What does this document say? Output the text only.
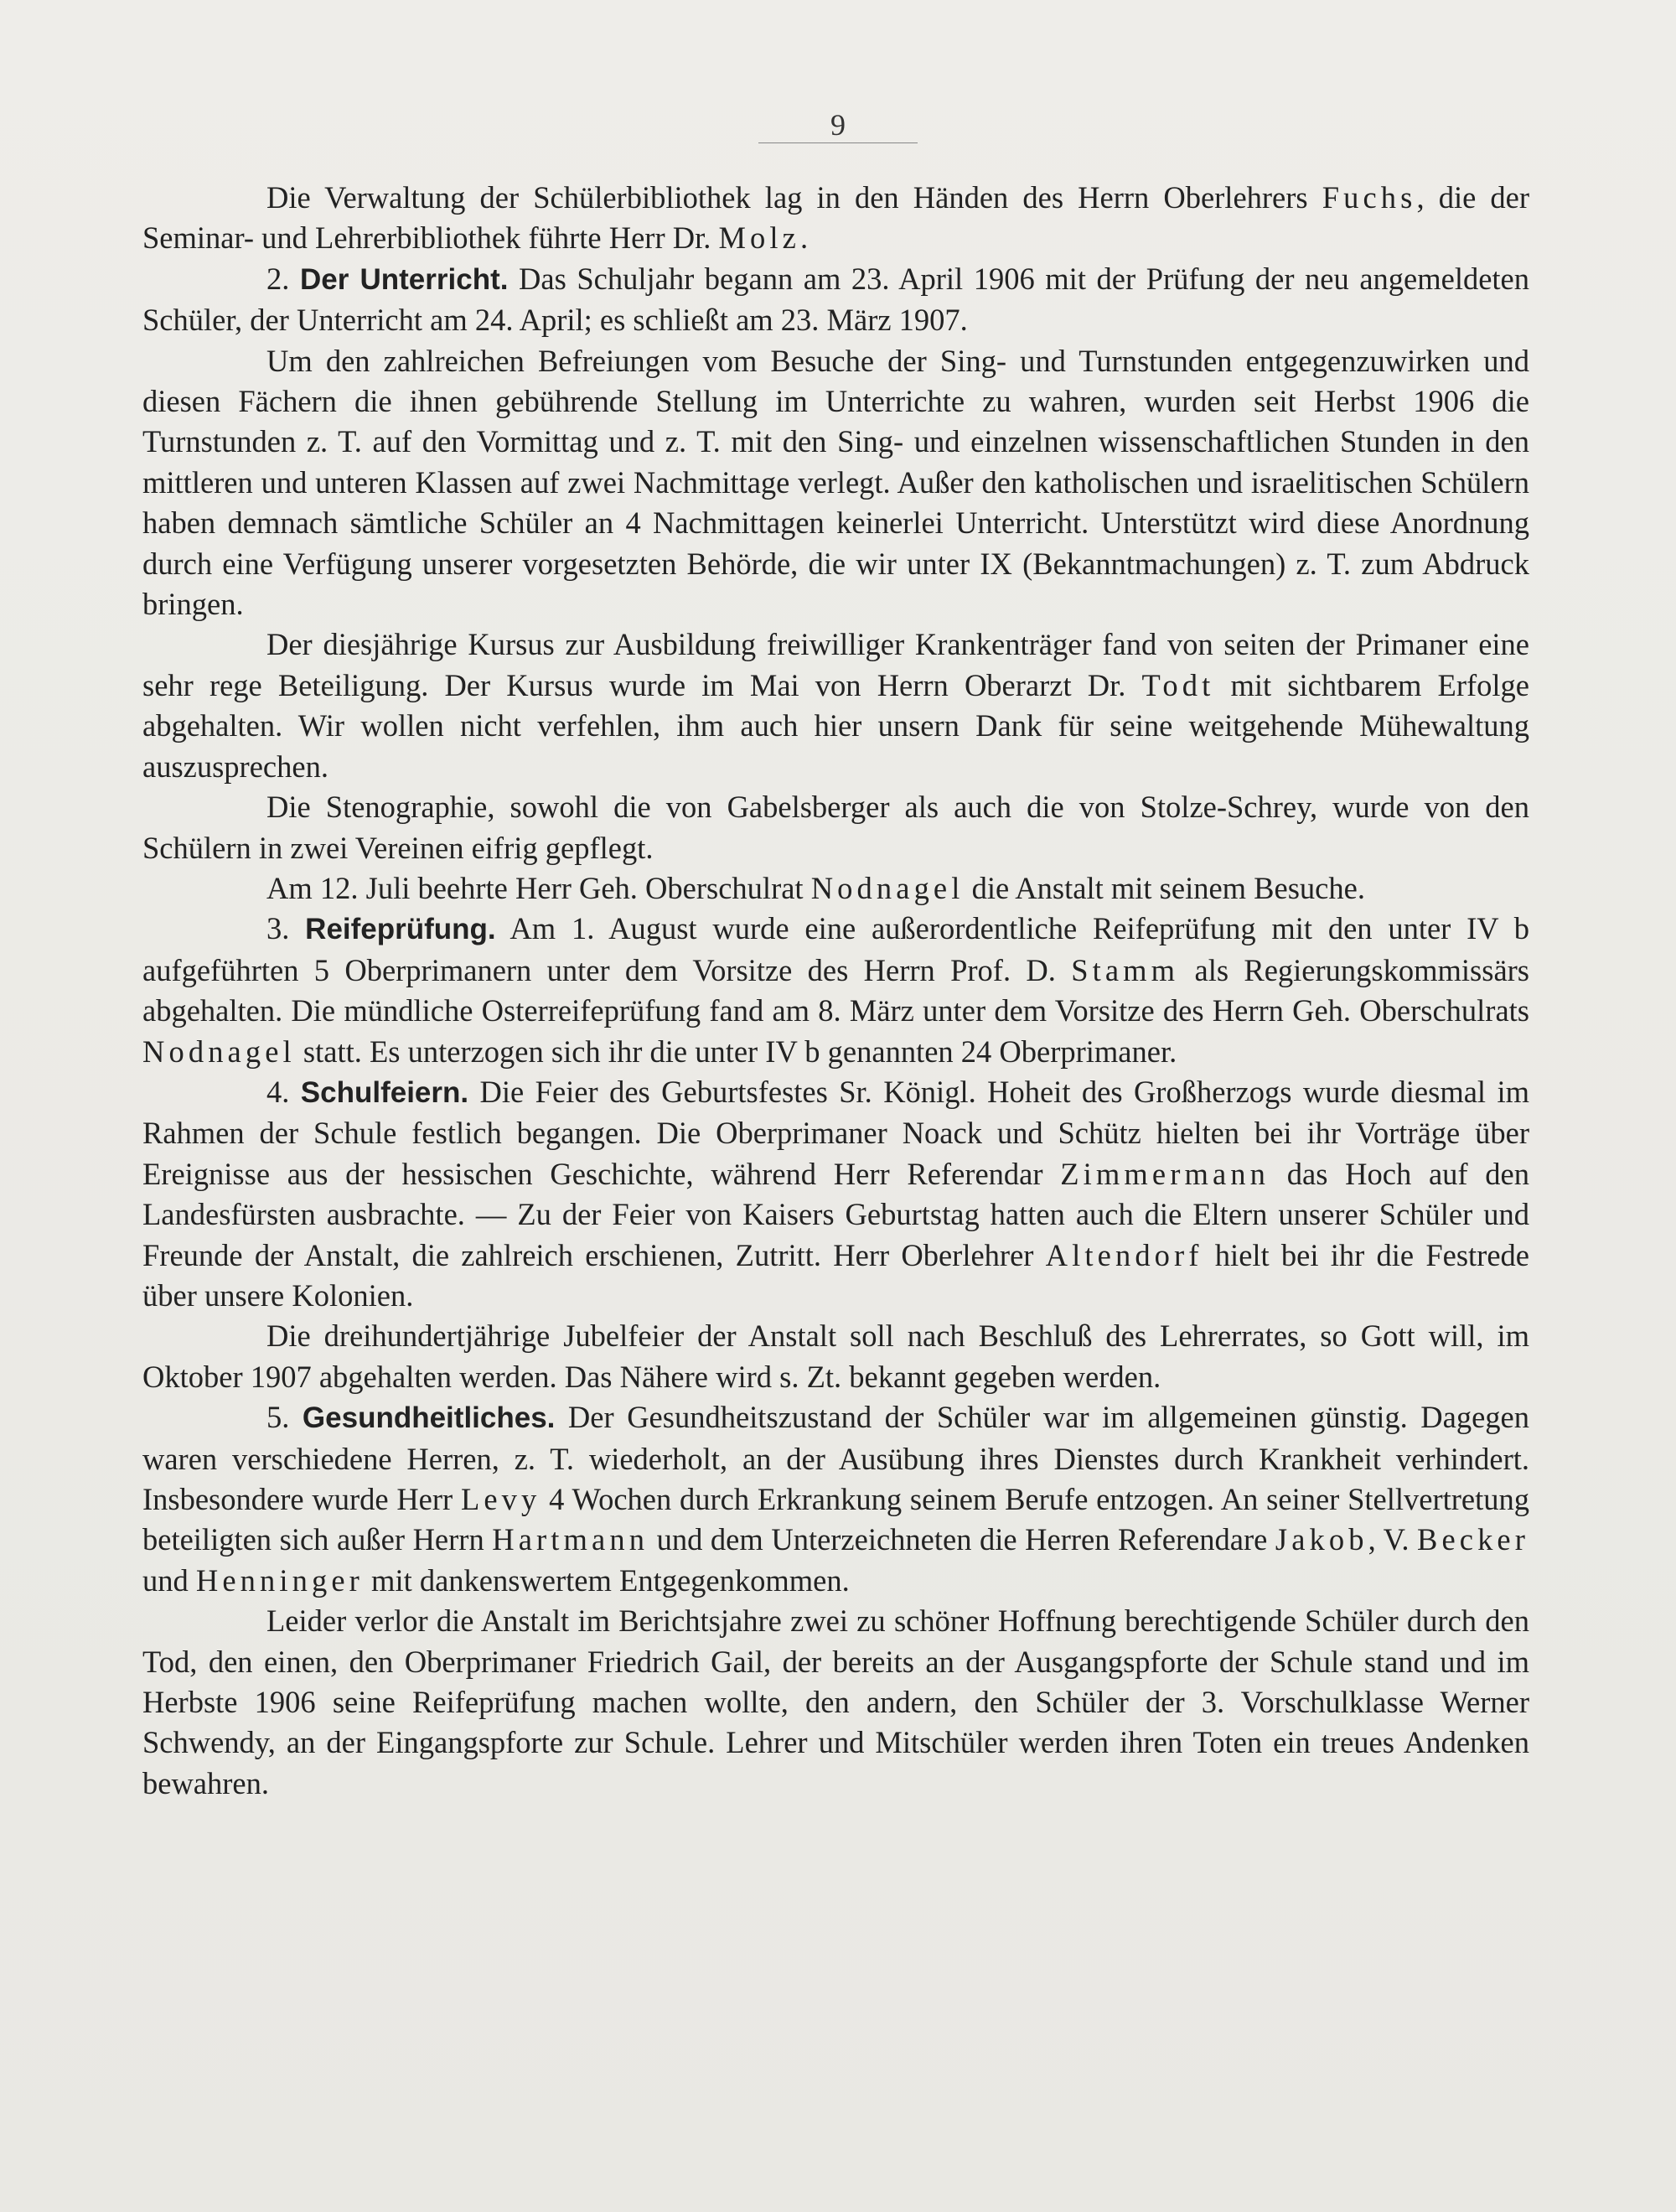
9

Die Verwaltung der Schülerbibliothek lag in den Händen des Herrn Oberlehrers Fuchs, die der Seminar- und Lehrerbibliothek führte Herr Dr. Molz.

2. Der Unterricht. Das Schuljahr begann am 23. April 1906 mit der Prüfung der neu angemeldeten Schüler, der Unterricht am 24. April; es schließt am 23. März 1907.

Um den zahlreichen Befreiungen vom Besuche der Sing- und Turnstunden entgegenzuwirken und diesen Fächern die ihnen gebührende Stellung im Unterrichte zu wahren, wurden seit Herbst 1906 die Turnstunden z. T. auf den Vormittag und z. T. mit den Sing- und einzelnen wissenschaftlichen Stunden in den mittleren und unteren Klassen auf zwei Nachmittage verlegt. Außer den katholischen und israelitischen Schülern haben demnach sämtliche Schüler an 4 Nachmittagen keinerlei Unterricht. Unterstützt wird diese Anordnung durch eine Verfügung unserer vorgesetzten Behörde, die wir unter IX (Bekanntmachungen) z. T. zum Abdruck bringen.

Der diesjährige Kursus zur Ausbildung freiwilliger Krankenträger fand von seiten der Primaner eine sehr rege Beteiligung. Der Kursus wurde im Mai von Herrn Oberarzt Dr. Todt mit sichtbarem Erfolge abgehalten. Wir wollen nicht verfehlen, ihm auch hier unsern Dank für seine weitgehende Mühewaltung auszusprechen.

Die Stenographie, sowohl die von Gabelsberger als auch die von Stolze-Schrey, wurde von den Schülern in zwei Vereinen eifrig gepflegt.

Am 12. Juli beehrte Herr Geh. Oberschulrat Nodnagel die Anstalt mit seinem Besuche.

3. Reifeprüfung. Am 1. August wurde eine außerordentliche Reifeprüfung mit den unter IV b aufgeführten 5 Oberprimanern unter dem Vorsitze des Herrn Prof. D. Stamm als Regierungskommissärs abgehalten. Die mündliche Osterreifeprüfung fand am 8. März unter dem Vorsitze des Herrn Geh. Oberschulrats Nodnagel statt. Es unterzogen sich ihr die unter IV b genannten 24 Oberprimaner.

4. Schulfeiern. Die Feier des Geburtsfestes Sr. Königl. Hoheit des Großherzogs wurde diesmal im Rahmen der Schule festlich begangen. Die Oberprimaner Noack und Schütz hielten bei ihr Vorträge über Ereignisse aus der hessischen Geschichte, während Herr Referendar Zimmermann das Hoch auf den Landesfürsten ausbrachte. — Zu der Feier von Kaisers Geburtstag hatten auch die Eltern unserer Schüler und Freunde der Anstalt, die zahlreich erschienen, Zutritt. Herr Oberlehrer Altendorf hielt bei ihr die Festrede über unsere Kolonien.

Die dreihundertjährige Jubelfeier der Anstalt soll nach Beschluß des Lehrerrates, so Gott will, im Oktober 1907 abgehalten werden. Das Nähere wird s. Zt. bekannt gegeben werden.

5. Gesundheitliches. Der Gesundheitszustand der Schüler war im allgemeinen günstig. Dagegen waren verschiedene Herren, z. T. wiederholt, an der Ausübung ihres Dienstes durch Krankheit verhindert. Insbesondere wurde Herr Levy 4 Wochen durch Erkrankung seinem Berufe entzogen. An seiner Stellvertretung beteiligten sich außer Herrn Hartmann und dem Unterzeichneten die Herren Referendare Jakob, V. Becker und Henninger mit dankenswertem Entgegenkommen.

Leider verlor die Anstalt im Berichtsjahre zwei zu schöner Hoffnung berechtigende Schüler durch den Tod, den einen, den Oberprimaner Friedrich Gail, der bereits an der Ausgangspforte der Schule stand und im Herbste 1906 seine Reifeprüfung machen wollte, den andern, den Schüler der 3. Vorschulklasse Werner Schwendy, an der Eingangspforte zur Schule. Lehrer und Mitschüler werden ihren Toten ein treues Andenken bewahren.
